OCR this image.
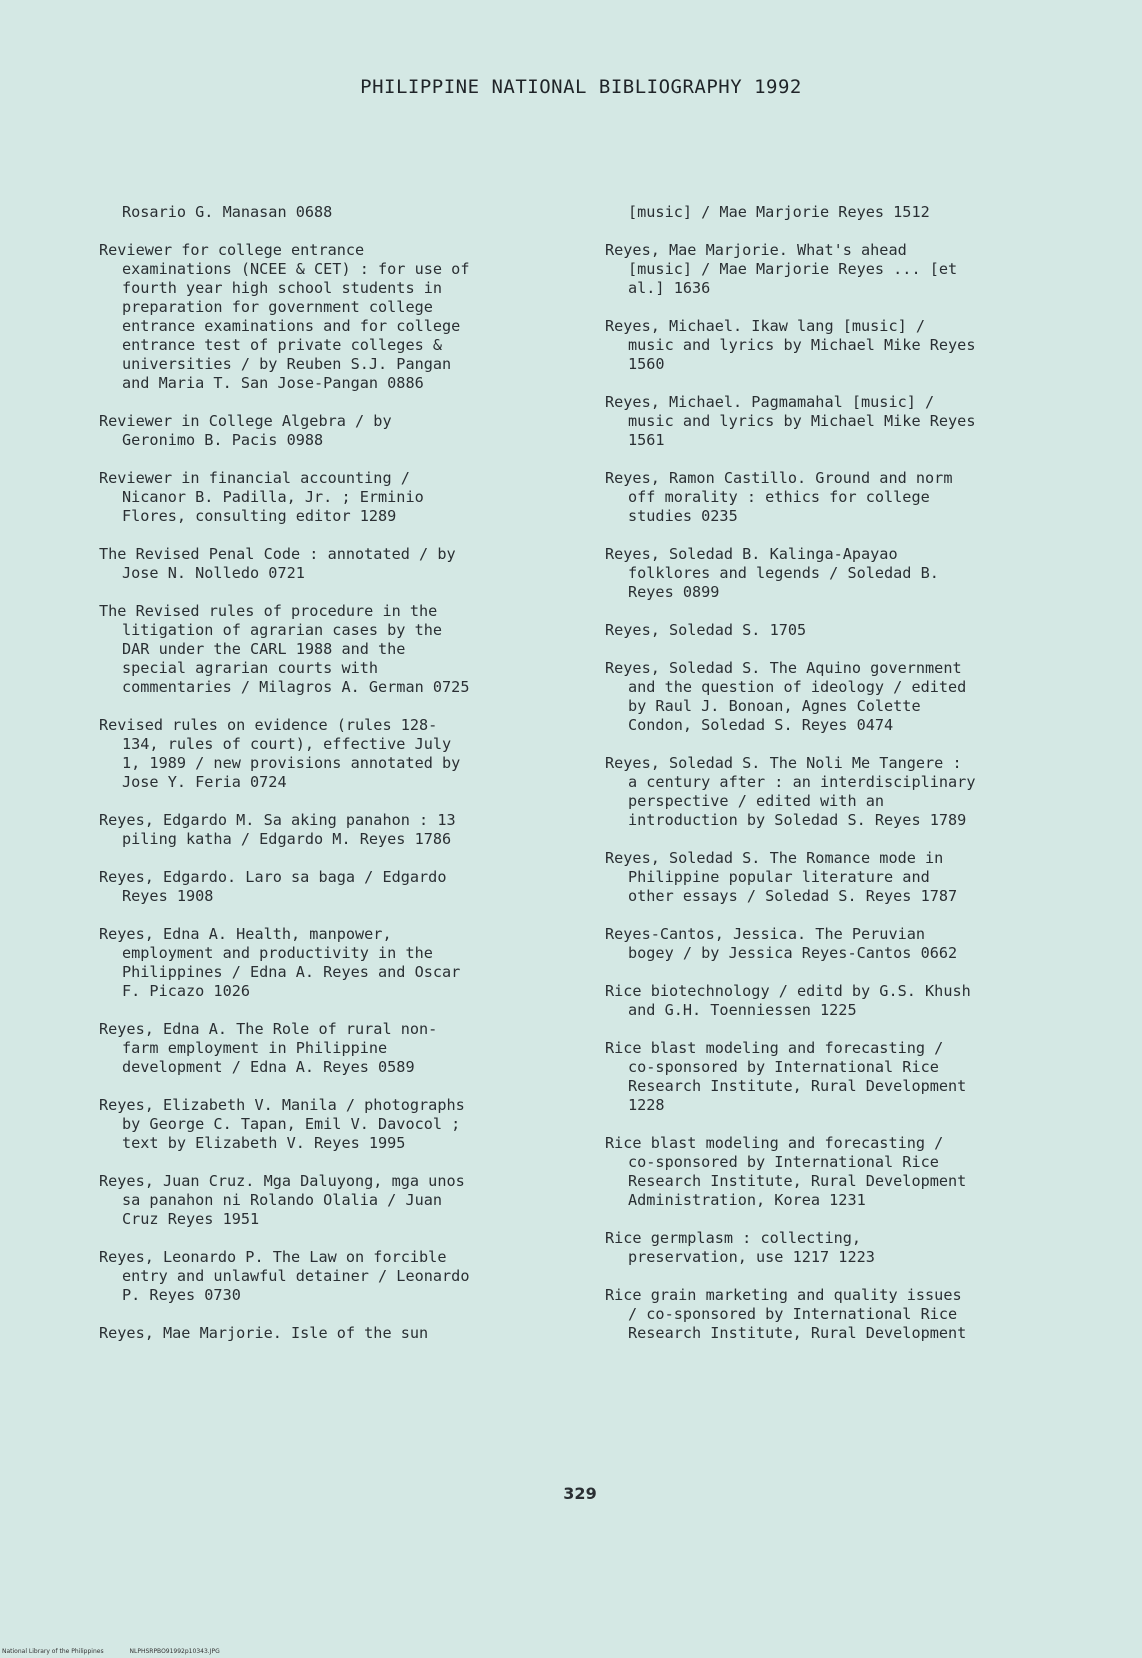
PHILIPPINE NATIONAL BIBLIOGRAPHY 1992

Rosario G. Manasan 0688

Reviewer for college entrance
examinations (NCEE & CET) : for use of
fourth year high school students in
preparation for government college
entrance examinations and for college
entrance test of private colleges &
universities / by Reuben S.J. Pangan
and Maria T. San Jose-Pangan 0886

Reviewer in College Algebra / by
Geronimo B. Pacis 0988

Reviewer in financial accounting /
Nicanor B. Padilla, Jr. ; Erminio
Flores, consulting editor 1289

The Revised Penal Code : annotated / by
Jose N. Nolledo 0721

The Revised rules of procedure in the
litigation of agrarian cases by the
DAR under the CARL 1988 and the
special agrarian courts with
commentaries / Milagros A. German 0725

Revised rules on evidence (rules 128-
134, rules of court), effective July
1, 1989 / new provisions annotated by
Jose Y. Feria 0724

Reyes, Edgardo M. Sa aking panahon : 13
piling katha / Edgardo M. Reyes 1786

Reyes, Edgardo. Laro sa baga / Edgardo
Reyes 1908

Reyes, Edna A. Health, manpower,
employment and productivity in the
Philippines / Edna A. Reyes and Oscar
F. Picazo 1026

Reyes, Edna A. The Role of rural non-
farm employment in Philippine
development / Edna A. Reyes 0589

Reyes, Elizabeth V. Manila / photographs
by George C. Tapan, Emil V. Davocol ;
text by Elizabeth V. Reyes 1995

Reyes, Juan Cruz. Mga Daluyong, mga unos
sa panahon ni Rolando Olalia / Juan
Cruz Reyes 1951

Reyes, Leonardo P. The Law on forcible
entry and unlawful detainer / Leonardo
P. Reyes 0730

Reyes, Mae Marjorie. Isle of the sun

[music] / Mae Marjorie Reyes 1512

Reyes, Mae Marjorie. What's ahead
[music] / Mae Marjorie Reyes ... [et
al.] 1636

Reyes, Michael. Ikaw lang [music] /
music and lyrics by Michael Mike Reyes
1560

Reyes, Michael. Pagmamahal [music] /
music and lyrics by Michael Mike Reyes
1561

Reyes, Ramon Castillo. Ground and norm
off morality : ethics for college
studies 0235

Reyes, Soledad B. Kalinga-Apayao
folklores and legends / Soledad B.
Reyes 0899

Reyes, Soledad S. 1705

Reyes, Soledad S. The Aquino government
and the question of ideology / edited
by Raul J. Bonoan, Agnes Colette
Condon, Soledad S. Reyes 0474

Reyes, Soledad S. The Noli Me Tangere :
a century after : an interdisciplinary
perspective / edited with an
introduction by Soledad S. Reyes 1789

Reyes, Soledad S. The Romance mode in
Philippine popular literature and
other essays / Soledad S. Reyes 1787

Reyes-Cantos, Jessica. The Peruvian
bogey / by Jessica Reyes-Cantos 0662

Rice biotechnology / editd by G.S. Khush
and G.H. Toenniessen 1225

Rice blast modeling and forecasting /
co-sponsored by International Rice
Research Institute, Rural Development
1228

Rice blast modeling and forecasting /
co-sponsored by International Rice
Research Institute, Rural Development
Administration, Korea 1231

Rice germplasm : collecting,
preservation, use 1217 1223

Rice grain marketing and quality issues
/ co-sponsored by International Rice
Research Institute, Rural Development

329
National Library of the Philippines	NLPHSRPBO91992p10343.JPG
